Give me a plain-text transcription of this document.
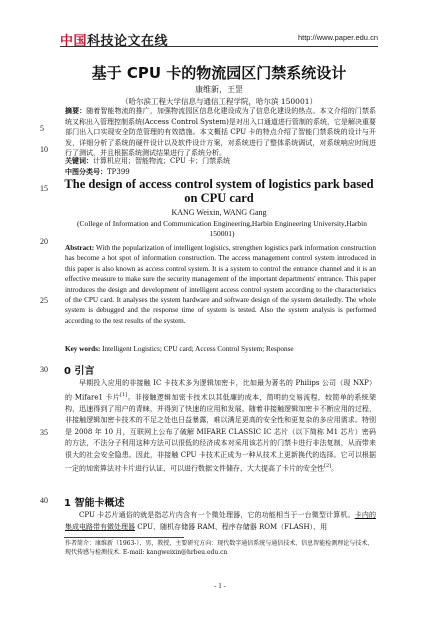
中国科技论文在线	http://www.paper.edu.cn
基于 CPU 卡的物流园区门禁系统设计
康维新，王罡
（哈尔滨工程大学信息与通信工程学院，哈尔滨 150001）
摘要：随着智能物流的推广，加强物流园区信息化建设成为了信息化建设的热点。本文介绍的门禁系统又称出入管理控制系统(Access Control System)是对出入口通道进行管制的系统，它是解决重要部门出入口实现安全防范管理的有效措施。本文概括 CPU 卡的特点介绍了智能门禁系统的设计与开发，详细分析了系统的硬件设计以及软件设计方案，对系统进行了整体系统调试，对系统响应时间进行了测试，并且根据系统测试结果进行了系统分析。
关键词：计算机应用；智能物流；CPU 卡；门禁系统
中图分类号：TP399
The design of access control system of logistics park based on CPU card
KANG Weixin, WANG Gang
(College of Information and Communication Engineering,Harbin Engineering University,Harbin 150001)
Abstract: With the popularization of intelligent logistics, strengthen logistics park information construction has become a hot spot of information construction. The access management control system introduced in this paper is also known as access control system. It is a system to control the entrance channel and it is an effective measure to make sure the security management of the important departments' entrance. This paper introduces the design and development of intelligent access control system according to the characteristics of the CPU card. It analyses the system hardware and software design of the system detailedly. The whole system is debugged and the response time of system is tested. Also the system analysis is performed according to the test results of the system.
Key words: Intelligent Logistics; CPU card; Access Control System; Response
0 引言
早期投入应用的非接触 IC 卡技术多为逻辑加密卡，比如最为著名的 Philips 公司（现 NXP）的 Mifare1 卡片[1]。非接触逻辑加密卡技术以其低廉的成本，简明的交易流程，较简单的系统架构，迅速得到了用户的青睐，并得到了快速的应用和发展。随着非接触逻辑加密卡不断应用的过程，非接触逻辑加密卡技术的不足之处也日益暴露，难以满足更高的安全性和更复杂的多应用需求。特别是 2008 年 10 月，互联网上公布了破解 MIFARE CLASSIC IC 芯片（以下简称 M1 芯片）密码的方法，不法分子利用这种方法可以很低的经济成本对采用该芯片的门禁卡进行非法复制，从而带来很大的社会安全隐患。因此，非接触 CPU 卡技术正成为一种从技术上更新换代的选择。它可以根据一定的加密算法对卡片进行认证，可以进行数据文件储存，大大提高了卡片的安全性[2]。
1 智能卡概述
CPU 卡芯片通俗的就是指芯片内含有一个微处理器，它的功能相当于一台微型计算机。卡内的集成电路带有微处理器 CPU、随机存储器 RAM、程序存储器 ROM（FLASH）、用
作者简介：康维新（1963-），男，教授，主要研究方向：现代数字通信系统与通信技术、信息智能检测理论与技术、现代传感与检测技术. E-mail: kangweixin@hrbeu.edu.cn
5
10
15
20
25
30
35
40
- 1 -
